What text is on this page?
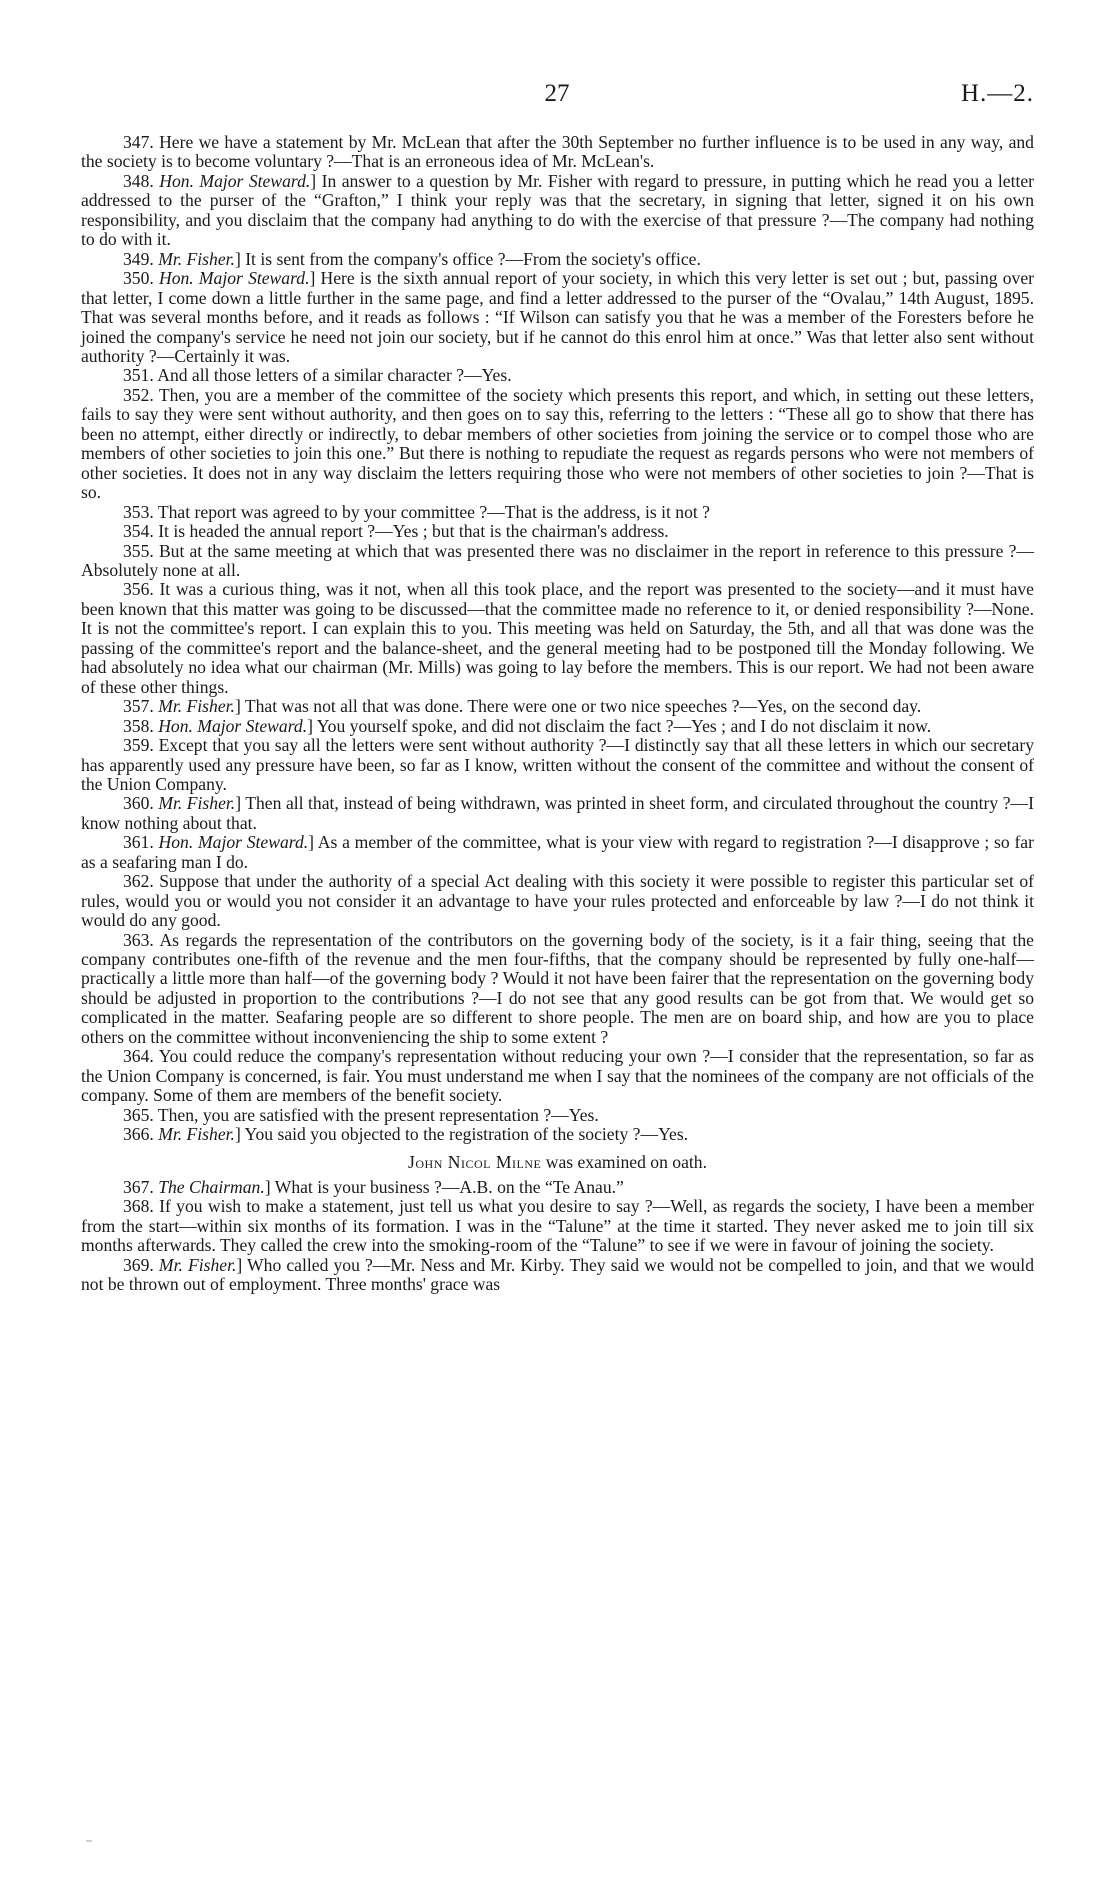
27	H.—2.

347. Here we have a statement by Mr. McLean that after the 30th September no further influence is to be used in any way, and the society is to become voluntary ?—That is an erroneous idea of Mr. McLean's.

348. Hon. Major Steward.] In answer to a question by Mr. Fisher with regard to pressure, in putting which he read you a letter addressed to the purser of the “Grafton,” I think your reply was that the secretary, in signing that letter, signed it on his own responsibility, and you disclaim that the company had anything to do with the exercise of that pressure ?—The company had nothing to do with it.

349. Mr. Fisher.] It is sent from the company's office ?—From the society's office.

350. Hon. Major Steward.] Here is the sixth annual report of your society, in which this very letter is set out ; but, passing over that letter, I come down a little further in the same page, and find a letter addressed to the purser of the “Ovalau,” 14th August, 1895. That was several months before, and it reads as follows : “If Wilson can satisfy you that he was a member of the Foresters before he joined the company's service he need not join our society, but if he cannot do this enrol him at once.” Was that letter also sent without authority ?—Certainly it was.

351. And all those letters of a similar character ?—Yes.

352. Then, you are a member of the committee of the society which presents this report, and which, in setting out these letters, fails to say they were sent without authority, and then goes on to say this, referring to the letters : “These all go to show that there has been no attempt, either directly or indirectly, to debar members of other societies from joining the service or to compel those who are members of other societies to join this one.” But there is nothing to repudiate the request as regards persons who were not members of other societies. It does not in any way disclaim the letters requiring those who were not members of other societies to join ?—That is so.

353. That report was agreed to by your committee ?—That is the address, is it not ?

354. It is headed the annual report ?—Yes ; but that is the chairman's address.

355. But at the same meeting at which that was presented there was no disclaimer in the report in reference to this pressure ?—Absolutely none at all.

356. It was a curious thing, was it not, when all this took place, and the report was presented to the society—and it must have been known that this matter was going to be discussed—that the committee made no reference to it, or denied responsibility ?—None. It is not the committee's report. I can explain this to you. This meeting was held on Saturday, the 5th, and all that was done was the passing of the committee's report and the balance-sheet, and the general meeting had to be postponed till the Monday following. We had absolutely no idea what our chairman (Mr. Mills) was going to lay before the members. This is our report. We had not been aware of these other things.

357. Mr. Fisher.] That was not all that was done. There were one or two nice speeches ?—Yes, on the second day.

358. Hon. Major Steward.] You yourself spoke, and did not disclaim the fact ?—Yes ; and I do not disclaim it now.

359. Except that you say all the letters were sent without authority ?—I distinctly say that all these letters in which our secretary has apparently used any pressure have been, so far as I know, written without the consent of the committee and without the consent of the Union Company.

360. Mr. Fisher.] Then all that, instead of being withdrawn, was printed in sheet form, and circulated throughout the country ?—I know nothing about that.

361. Hon. Major Steward.] As a member of the committee, what is your view with regard to registration ?—I disapprove ; so far as a seafaring man I do.

362. Suppose that under the authority of a special Act dealing with this society it were possible to register this particular set of rules, would you or would you not consider it an advantage to have your rules protected and enforceable by law ?—I do not think it would do any good.

363. As regards the representation of the contributors on the governing body of the society, is it a fair thing, seeing that the company contributes one-fifth of the revenue and the men four-fifths, that the company should be represented by fully one-half—practically a little more than half—of the governing body ? Would it not have been fairer that the representation on the governing body should be adjusted in proportion to the contributions ?—I do not see that any good results can be got from that. We would get so complicated in the matter. Seafaring people are so different to shore people. The men are on board ship, and how are you to place others on the committee without inconveniencing the ship to some extent ?

364. You could reduce the company's representation without reducing your own ?—I consider that the representation, so far as the Union Company is concerned, is fair. You must understand me when I say that the nominees of the company are not officials of the company. Some of them are members of the benefit society.

365. Then, you are satisfied with the present representation ?—Yes.

366. Mr. Fisher.] You said you objected to the registration of the society ?—Yes.

John Nicol Milne was examined on oath.

367. The Chairman.] What is your business ?—A.B. on the “Te Anau.”

368. If you wish to make a statement, just tell us what you desire to say ?—Well, as regards the society, I have been a member from the start—within six months of its formation. I was in the “Talune” at the time it started. They never asked me to join till six months afterwards. They called the crew into the smoking-room of the “Talune” to see if we were in favour of joining the society.

369. Mr. Fisher.] Who called you ?—Mr. Ness and Mr. Kirby. They said we would not be compelled to join, and that we would not be thrown out of employment. Three months' grace was
